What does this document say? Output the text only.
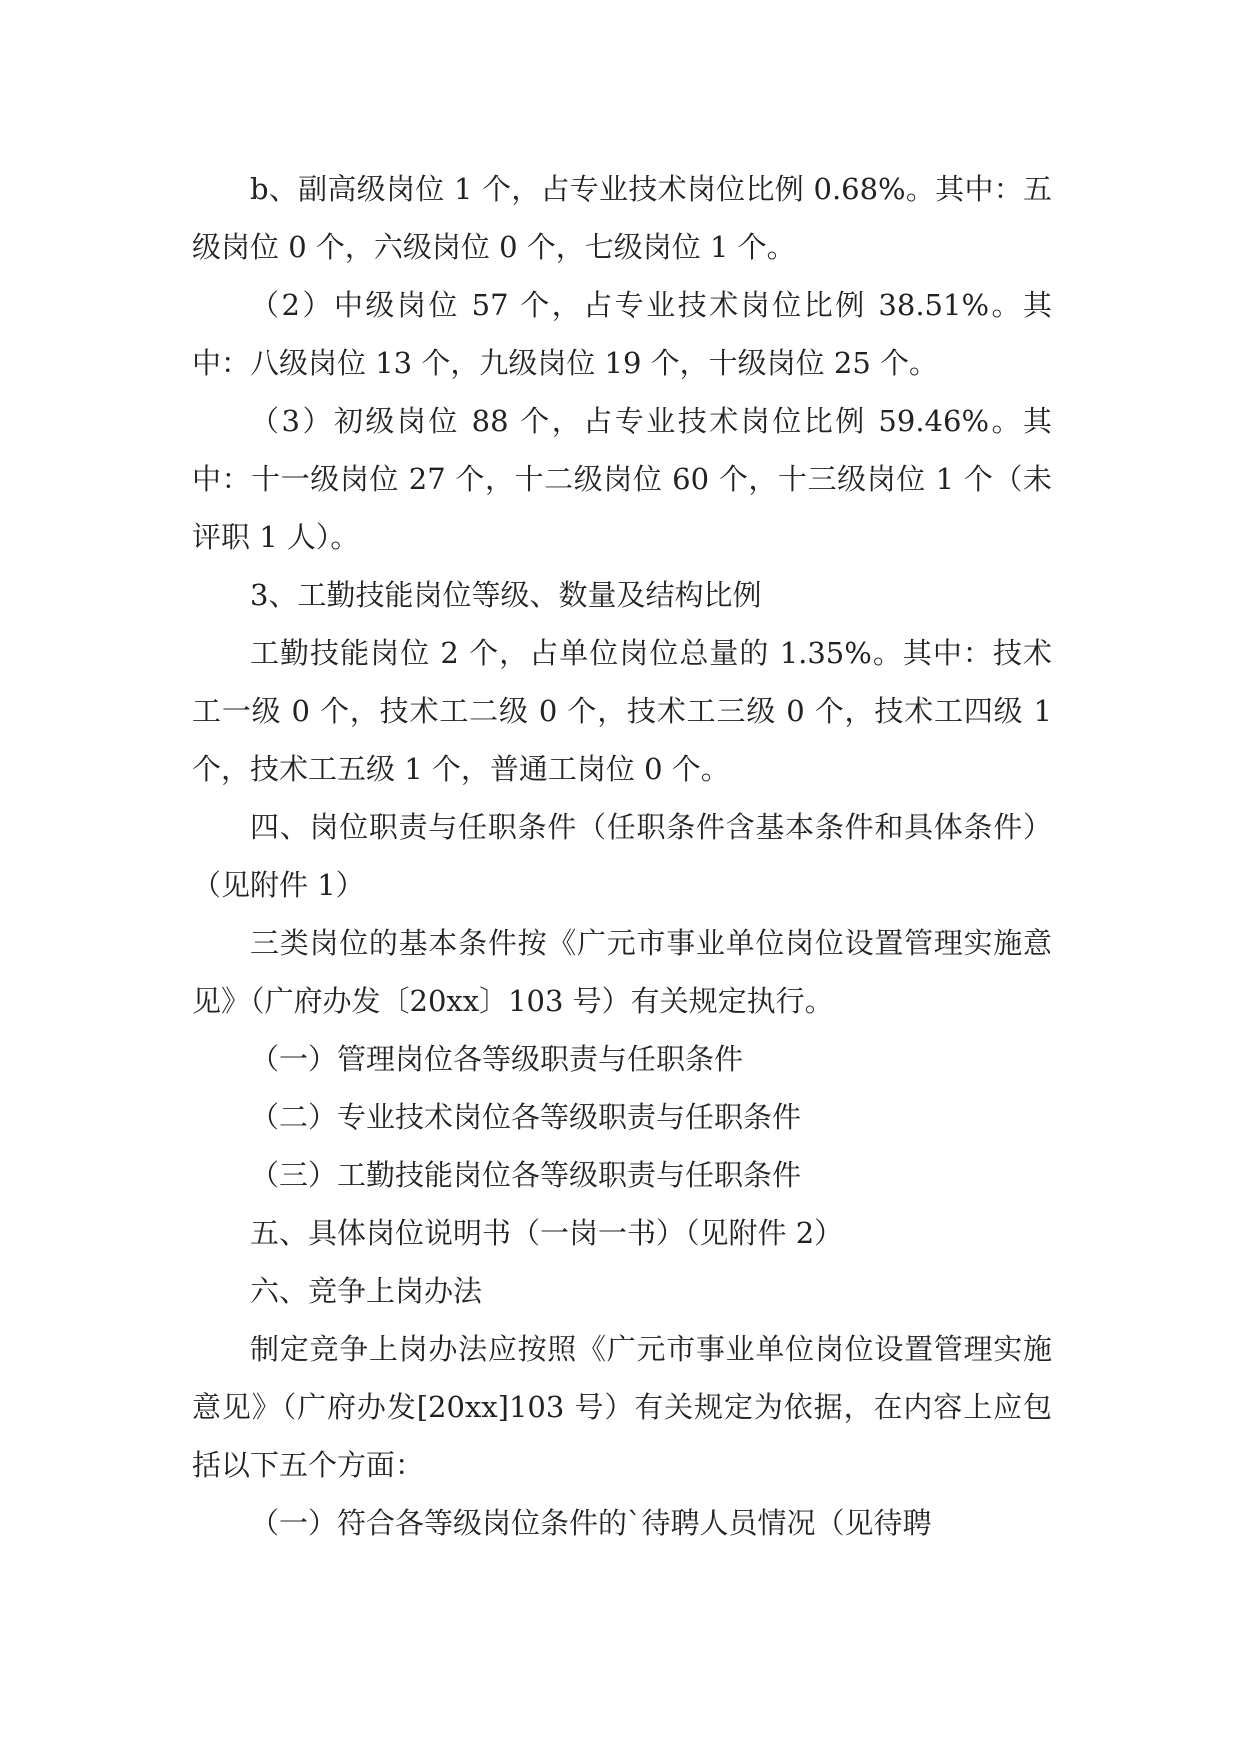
b、副高级岗位 1 个，占专业技术岗位比例 0.68%。其中：五级岗位 0 个，六级岗位 0 个，七级岗位 1 个。

（2）中级岗位 57 个，占专业技术岗位比例 38.51%。其中：八级岗位 13 个，九级岗位 19 个，十级岗位 25 个。

（3）初级岗位 88 个，占专业技术岗位比例 59.46%。其中：十一级岗位 27 个，十二级岗位 60 个，十三级岗位 1 个（未评职 1 人）。

3、工勤技能岗位等级、数量及结构比例

工勤技能岗位 2 个，占单位岗位总量的 1.35%。其中：技术工一级 0 个，技术工二级 0 个，技术工三级 0 个，技术工四级 1 个，技术工五级 1 个，普通工岗位 0 个。

四、岗位职责与任职条件（任职条件含基本条件和具体条件）（见附件 1）

三类岗位的基本条件按《广元市事业单位岗位设置管理实施意见》（广府办发〔20xx〕103 号）有关规定执行。

（一）管理岗位各等级职责与任职条件

（二）专业技术岗位各等级职责与任职条件

（三）工勤技能岗位各等级职责与任职条件

五、具体岗位说明书（一岗一书）（见附件 2）

六、竞争上岗办法

制定竞争上岗办法应按照《广元市事业单位岗位设置管理实施意见》（广府办发[20xx]103 号）有关规定为依据，在内容上应包括以下五个方面：

（一）符合各等级岗位条件的`待聘人员情况（见待聘
